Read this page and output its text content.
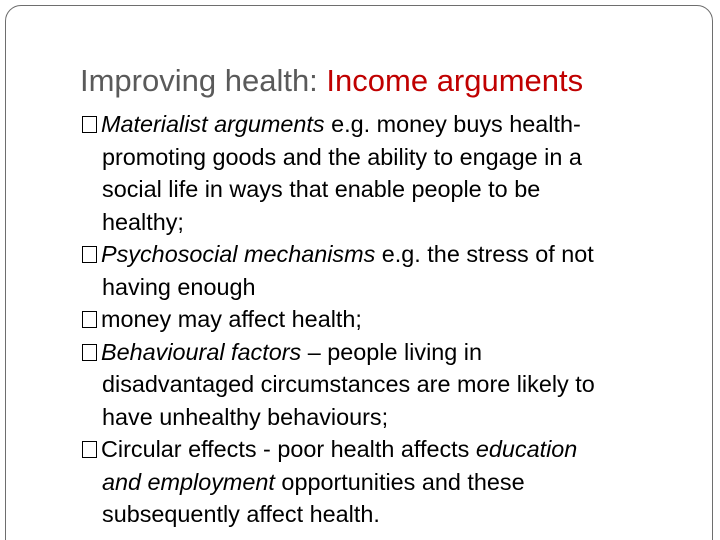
Improving health: Income arguments
Materialist arguments e.g. money buys health-
promoting goods and the ability to engage in a
social life in ways that enable people to be
healthy;
Psychosocial mechanisms e.g. the stress of not
having enough
money may affect health;
Behavioural factors – people living in
disadvantaged circumstances are more likely to
have unhealthy behaviours;
Circular effects - poor health affects education
and employment opportunities and these
subsequently affect health.
